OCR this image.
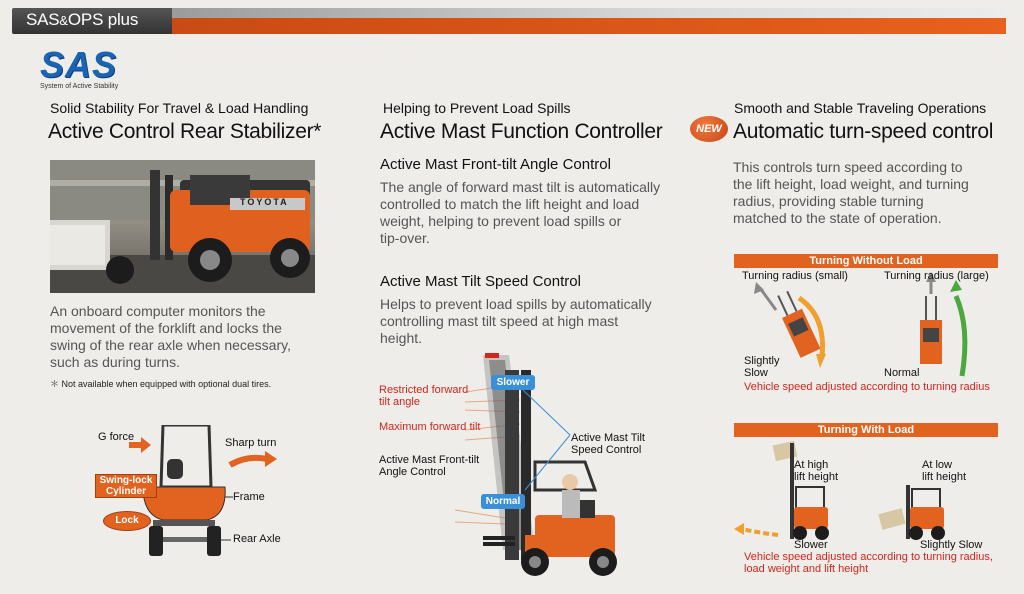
SAS&OPS plus
SAS
System of Active Stability
Solid Stability For Travel & Load Handling
Active Control Rear Stabilizer*
TOYOTA
An onboard computer monitors the
movement of the forklift and locks the
swing of the rear axle when necessary,
such as during turns.
＊ Not available when equipped with optional dual tires.
G force	Sharp turn
Swing-lock
Cylinder
Lock
Frame
Rear Axle
Helping to Prevent Load Spills
Active Mast Function Controller
Active Mast Front-tilt Angle Control
The angle of forward mast tilt is automatically
controlled to match the lift height and load
weight, helping to prevent load spills or
tip-over.
Active Mast Tilt Speed Control
Helps to prevent load spills by automatically
controlling mast tilt speed at high mast
height.
Restricted forward
tilt angle
Maximum forward tilt
Active Mast Front-tilt
Angle Control
Slower
Normal
Active Mast Tilt
Speed Control
Smooth and Stable Traveling Operations
NEW Automatic turn-speed control
This controls turn speed according to
the lift height, load weight, and turning
radius, providing stable turning
matched to the state of operation.
Turning Without Load
Turning radius (small)	Turning radius (large)
Slightly
Slow	Normal
Vehicle speed adjusted according to turning radius
Turning With Load
At high
lift height
At low
lift height
Slower	Slightly Slow
Vehicle speed adjusted according to turning radius,
load weight and lift height
